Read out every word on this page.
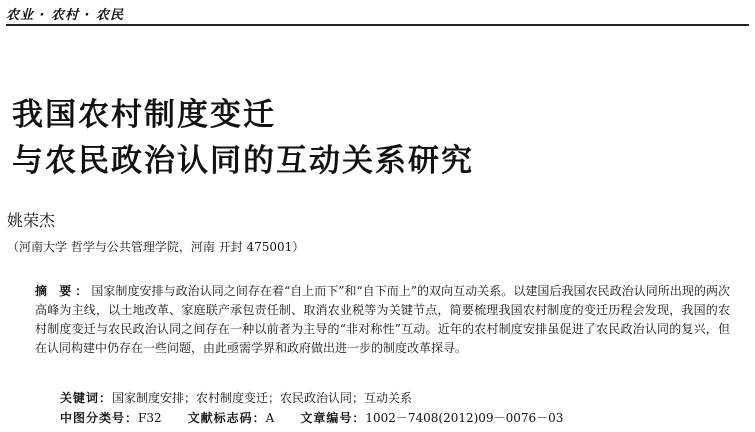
农业 · 农村 · 农民
我国农村制度变迁
与农民政治认同的互动关系研究
姚荣杰
（河南大学 哲学与公共管理学院，河南 开封 475001）
摘 要：国家制度安排与政治认同之间存在着“自上而下”和“自下而上”的双向互动关系。以建国后我国农民政治认同所出现的两次高峰为主线，以土地改革、家庭联产承包责任制、取消农业税等为关键节点，简要梳理我国农村制度的变迁历程会发现，我国的农村制度变迁与农民政治认同之间存在一种以前者为主导的“非对称性”互动。近年的农村制度安排虽促进了农民政治认同的复兴，但在认同构建中仍存在一些问题，由此亟需学界和政府做出进一步的制度改革探寻。
关键词：国家制度安排；农村制度变迁；农民政治认同；互动关系
中图分类号：F32 文献标志码：A 文章编号：1002－7408(2012)09－0076－03
